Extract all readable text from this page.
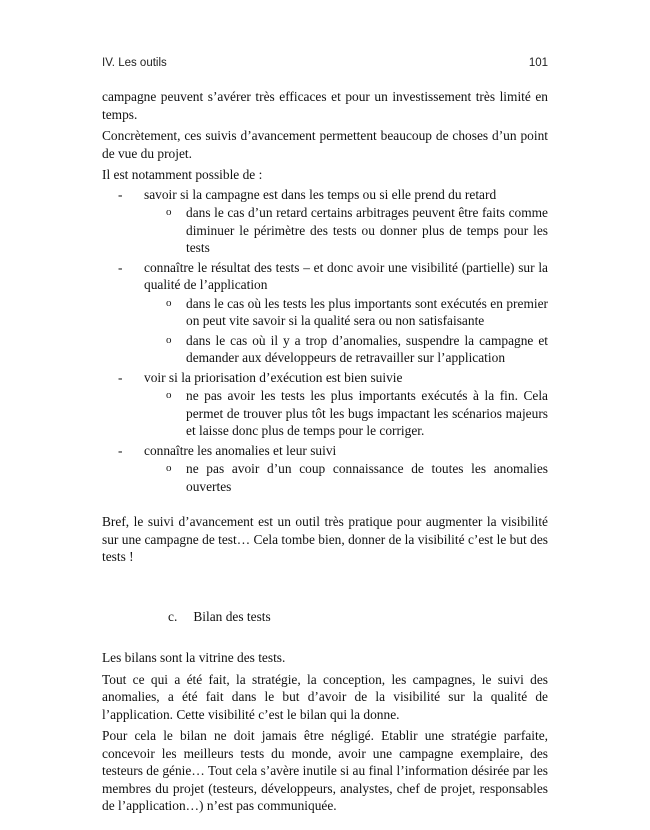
IV. Les outils	101

campagne peuvent s’avérer très efficaces et pour un investissement très limité en temps.

Concrètement, ces suivis d’avancement permettent beaucoup de choses d’un point de vue du projet.

Il est notamment possible de :

-	savoir si la campagne est dans les temps ou si elle prend du retard
o	dans le cas d’un retard certains arbitrages peuvent être faits comme diminuer le périmètre des tests ou donner plus de temps pour les tests
-	connaître le résultat des tests – et donc avoir une visibilité (partielle) sur la qualité de l’application
o	dans le cas où les tests les plus importants sont exécutés en premier on peut vite savoir si la qualité sera ou non satisfaisante
o	dans le cas où il y a trop d’anomalies, suspendre la campagne et demander aux développeurs de retravailler sur l’application
-	voir si la priorisation d’exécution est bien suivie
o	ne pas avoir les tests les plus importants exécutés à la fin. Cela permet de trouver plus tôt les bugs impactant les scénarios majeurs et laisse donc plus de temps pour le corriger.
-	connaître les anomalies et leur suivi
o	ne pas avoir d’un coup connaissance de toutes les anomalies ouvertes

Bref, le suivi d’avancement est un outil très pratique pour augmenter la visibilité sur une campagne de test… Cela tombe bien, donner de la visibilité c’est le but des tests !

c. Bilan des tests

Les bilans sont la vitrine des tests.

Tout ce qui a été fait, la stratégie, la conception, les campagnes, le suivi des anomalies, a été fait dans le but d’avoir de la visibilité sur la qualité de l’application. Cette visibilité c’est le bilan qui la donne.

Pour cela le bilan ne doit jamais être négligé. Etablir une stratégie parfaite, concevoir les meilleurs tests du monde, avoir une campagne exemplaire, des testeurs de génie… Tout cela s’avère inutile si au final l’information désirée par les membres du projet (testeurs, développeurs, analystes, chef de projet, responsables de l’application…) n’est pas communiquée.
